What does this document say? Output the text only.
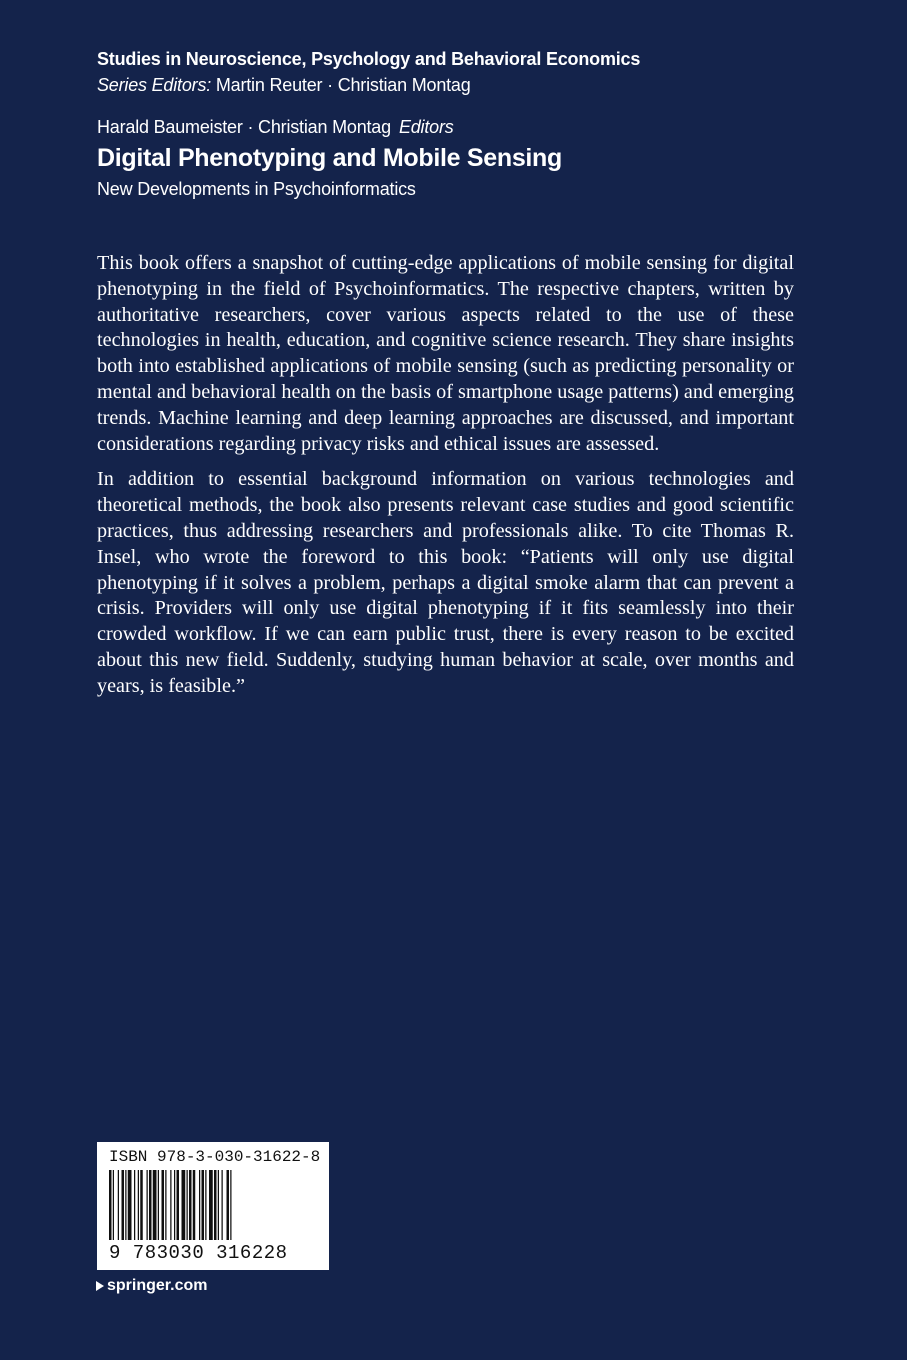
Studies in Neuroscience, Psychology and Behavioral Economics
Series Editors: Martin Reuter · Christian Montag
Harald Baumeister · Christian Montag Editors
Digital Phenotyping and Mobile Sensing
New Developments in Psychoinformatics

This book offers a snapshot of cutting-edge applications of mobile sensing for digital phenotyping in the field of Psychoinformatics. The respective chapters, written by authoritative researchers, cover various aspects related to the use of these technologies in health, education, and cognitive science research. They share insights both into established applications of mobile sensing (such as predicting personality or mental and behavioral health on the basis of smartphone usage patterns) and emerging trends. Machine learning and deep learning approaches are discussed, and important considerations regarding privacy risks and ethical issues are assessed.

In addition to essential background information on various technologies and theoretical methods, the book also presents relevant case studies and good scientific practices, thus addressing researchers and professionals alike. To cite Thomas R. Insel, who wrote the foreword to this book: “Patients will only use digital phenotyping if it solves a problem, perhaps a digital smoke alarm that can prevent a crisis. Providers will only use digital phenotyping if it fits seamlessly into their crowded workflow. If we can earn public trust, there is every reason to be excited about this new field. Suddenly, studying human behavior at scale, over months and years, is feasible.”

ISBN 978-3-030-31622-8
9 783030 316228
springer.com
